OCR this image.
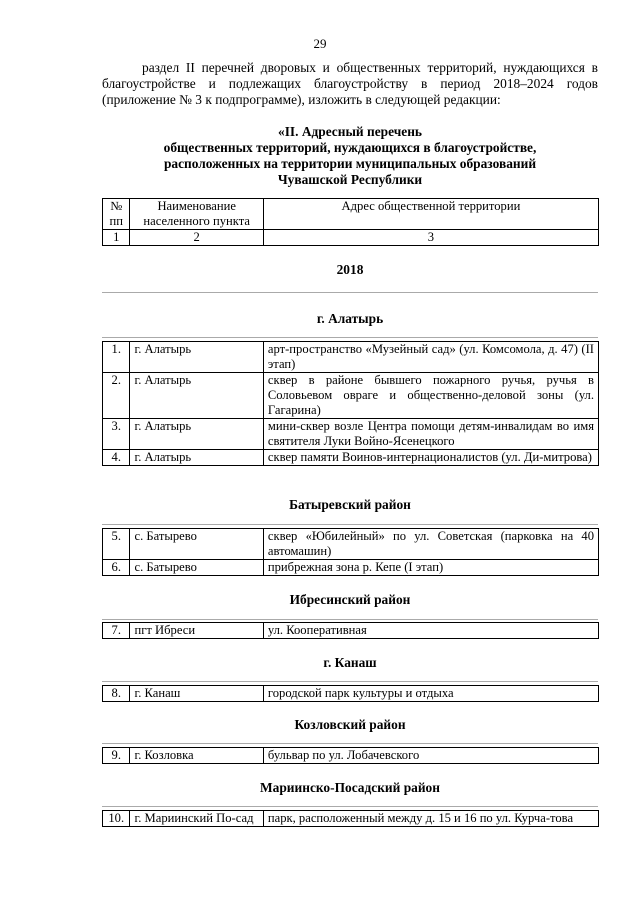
29

раздел II перечней дворовых и общественных территорий, нуждающихся в благоустройстве и подлежащих благоустройству в период 2018–2024 годов (приложение № 3 к подпрограмме), изложить в следующей редакции:

«II. Адресный перечень
общественных территорий, нуждающихся в благоустройстве,
расположенных на территории муниципальных образований
Чувашской Республики
№ пп	Наименование населенного пункта	Адрес общественной территории
1	2	3
2018
г. Алатырь
1.	г. Алатырь	арт-пространство «Музейный сад» (ул. Комсомола, д. 47) (II этап)
2.	г. Алатырь	сквер в районе бывшего пожарного ручья, ручья в Соловьевом овраге и общественно-деловой зоны (ул. Гагарина)
3.	г. Алатырь	мини-сквер возле Центра помощи детям-инвалидам во имя святителя Луки Войно-Ясенецкого
4.	г. Алатырь	сквер памяти Воинов-интернационалистов (ул. Ди-митрова)
Батыревский район
5.	с. Батырево	сквер «Юбилейный» по ул. Советская (парковка на 40 автомашин)
6.	с. Батырево	прибрежная зона р. Кепе (I этап)
Ибресинский район
7.	пгт Ибреси	ул. Кооперативная
г. Канаш
8.	г. Канаш	городской парк культуры и отдыха
Козловский район
9.	г. Козловка	бульвар по ул. Лобачевского
Мариинско-Посадский район
10.	г. Мариинский По-сад	парк, расположенный между д. 15 и 16 по ул. Курча-това
